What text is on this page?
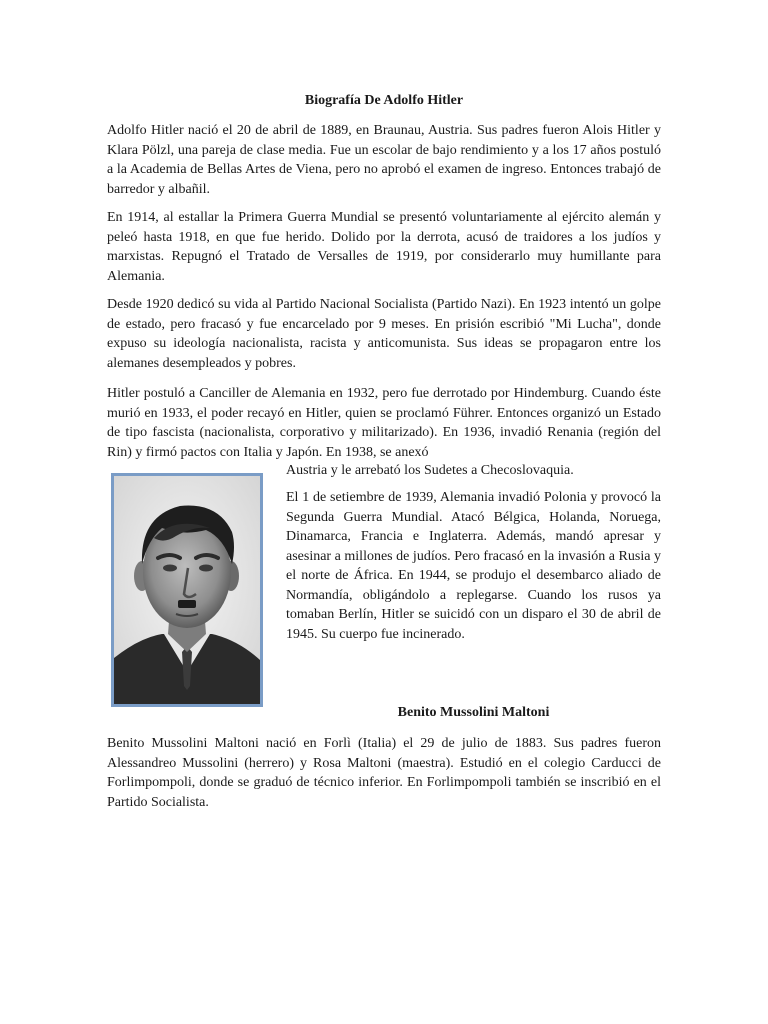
Biografía De Adolfo Hitler

Adolfo Hitler nació el 20 de abril de 1889, en Braunau, Austria. Sus padres fueron Alois Hitler y Klara Pölzl, una pareja de clase media. Fue un escolar de bajo rendimiento y a los 17 años postuló a la Academia de Bellas Artes de Viena, pero no aprobó el examen de ingreso. Entonces trabajó de barredor y albañil.

En 1914, al estallar la Primera Guerra Mundial se presentó voluntariamente al ejército alemán y peleó hasta 1918, en que fue herido. Dolido por la derrota, acusó de traidores a los judíos y marxistas. Repugnó el Tratado de Versalles de 1919, por considerarlo muy humillante para Alemania.

Desde 1920 dedicó su vida al Partido Nacional Socialista (Partido Nazi). En 1923 intentó un golpe de estado, pero fracasó y fue encarcelado por 9 meses. En prisión escribió "Mi Lucha", donde expuso su ideología nacionalista, racista y anticomunista. Sus ideas se propagaron entre los alemanes desempleados y pobres.

Hitler postuló a Canciller de Alemania en 1932, pero fue derrotado por Hindemburg. Cuando éste murió en 1933, el poder recayó en Hitler, quien se proclamó Führer. Entonces organizó un Estado de tipo fascista (nacionalista, corporativo y militarizado). En 1936, invadió Renania (región del Rin) y firmó pactos con Italia y Japón. En 1938, se anexó

Austria y le arrebató los Sudetes a Checoslovaquia.

El 1 de setiembre de 1939, Alemania invadió Polonia y provocó la Segunda Guerra Mundial. Atacó Bélgica, Holanda, Noruega, Dinamarca, Francia e Inglaterra. Además, mandó apresar y asesinar a millones de judíos. Pero fracasó en la invasión a Rusia y el norte de África. En 1944, se produjo el desembarco aliado de Normandía, obligándolo a replegarse. Cuando los rusos ya tomaban Berlín, Hitler se suicidó con un disparo el 30 de abril de 1945. Su cuerpo fue incinerado.

Benito Mussolini Maltoni

Benito Mussolini Maltoni nació en Forlì (Italia) el 29 de julio de 1883. Sus padres fueron Alessandreo Mussolini (herrero) y Rosa Maltoni (maestra). Estudió en el colegio Carducci de Forlimpompoli, donde se graduó de técnico inferior. En Forlimpompoli también se inscribió en el Partido Socialista.
